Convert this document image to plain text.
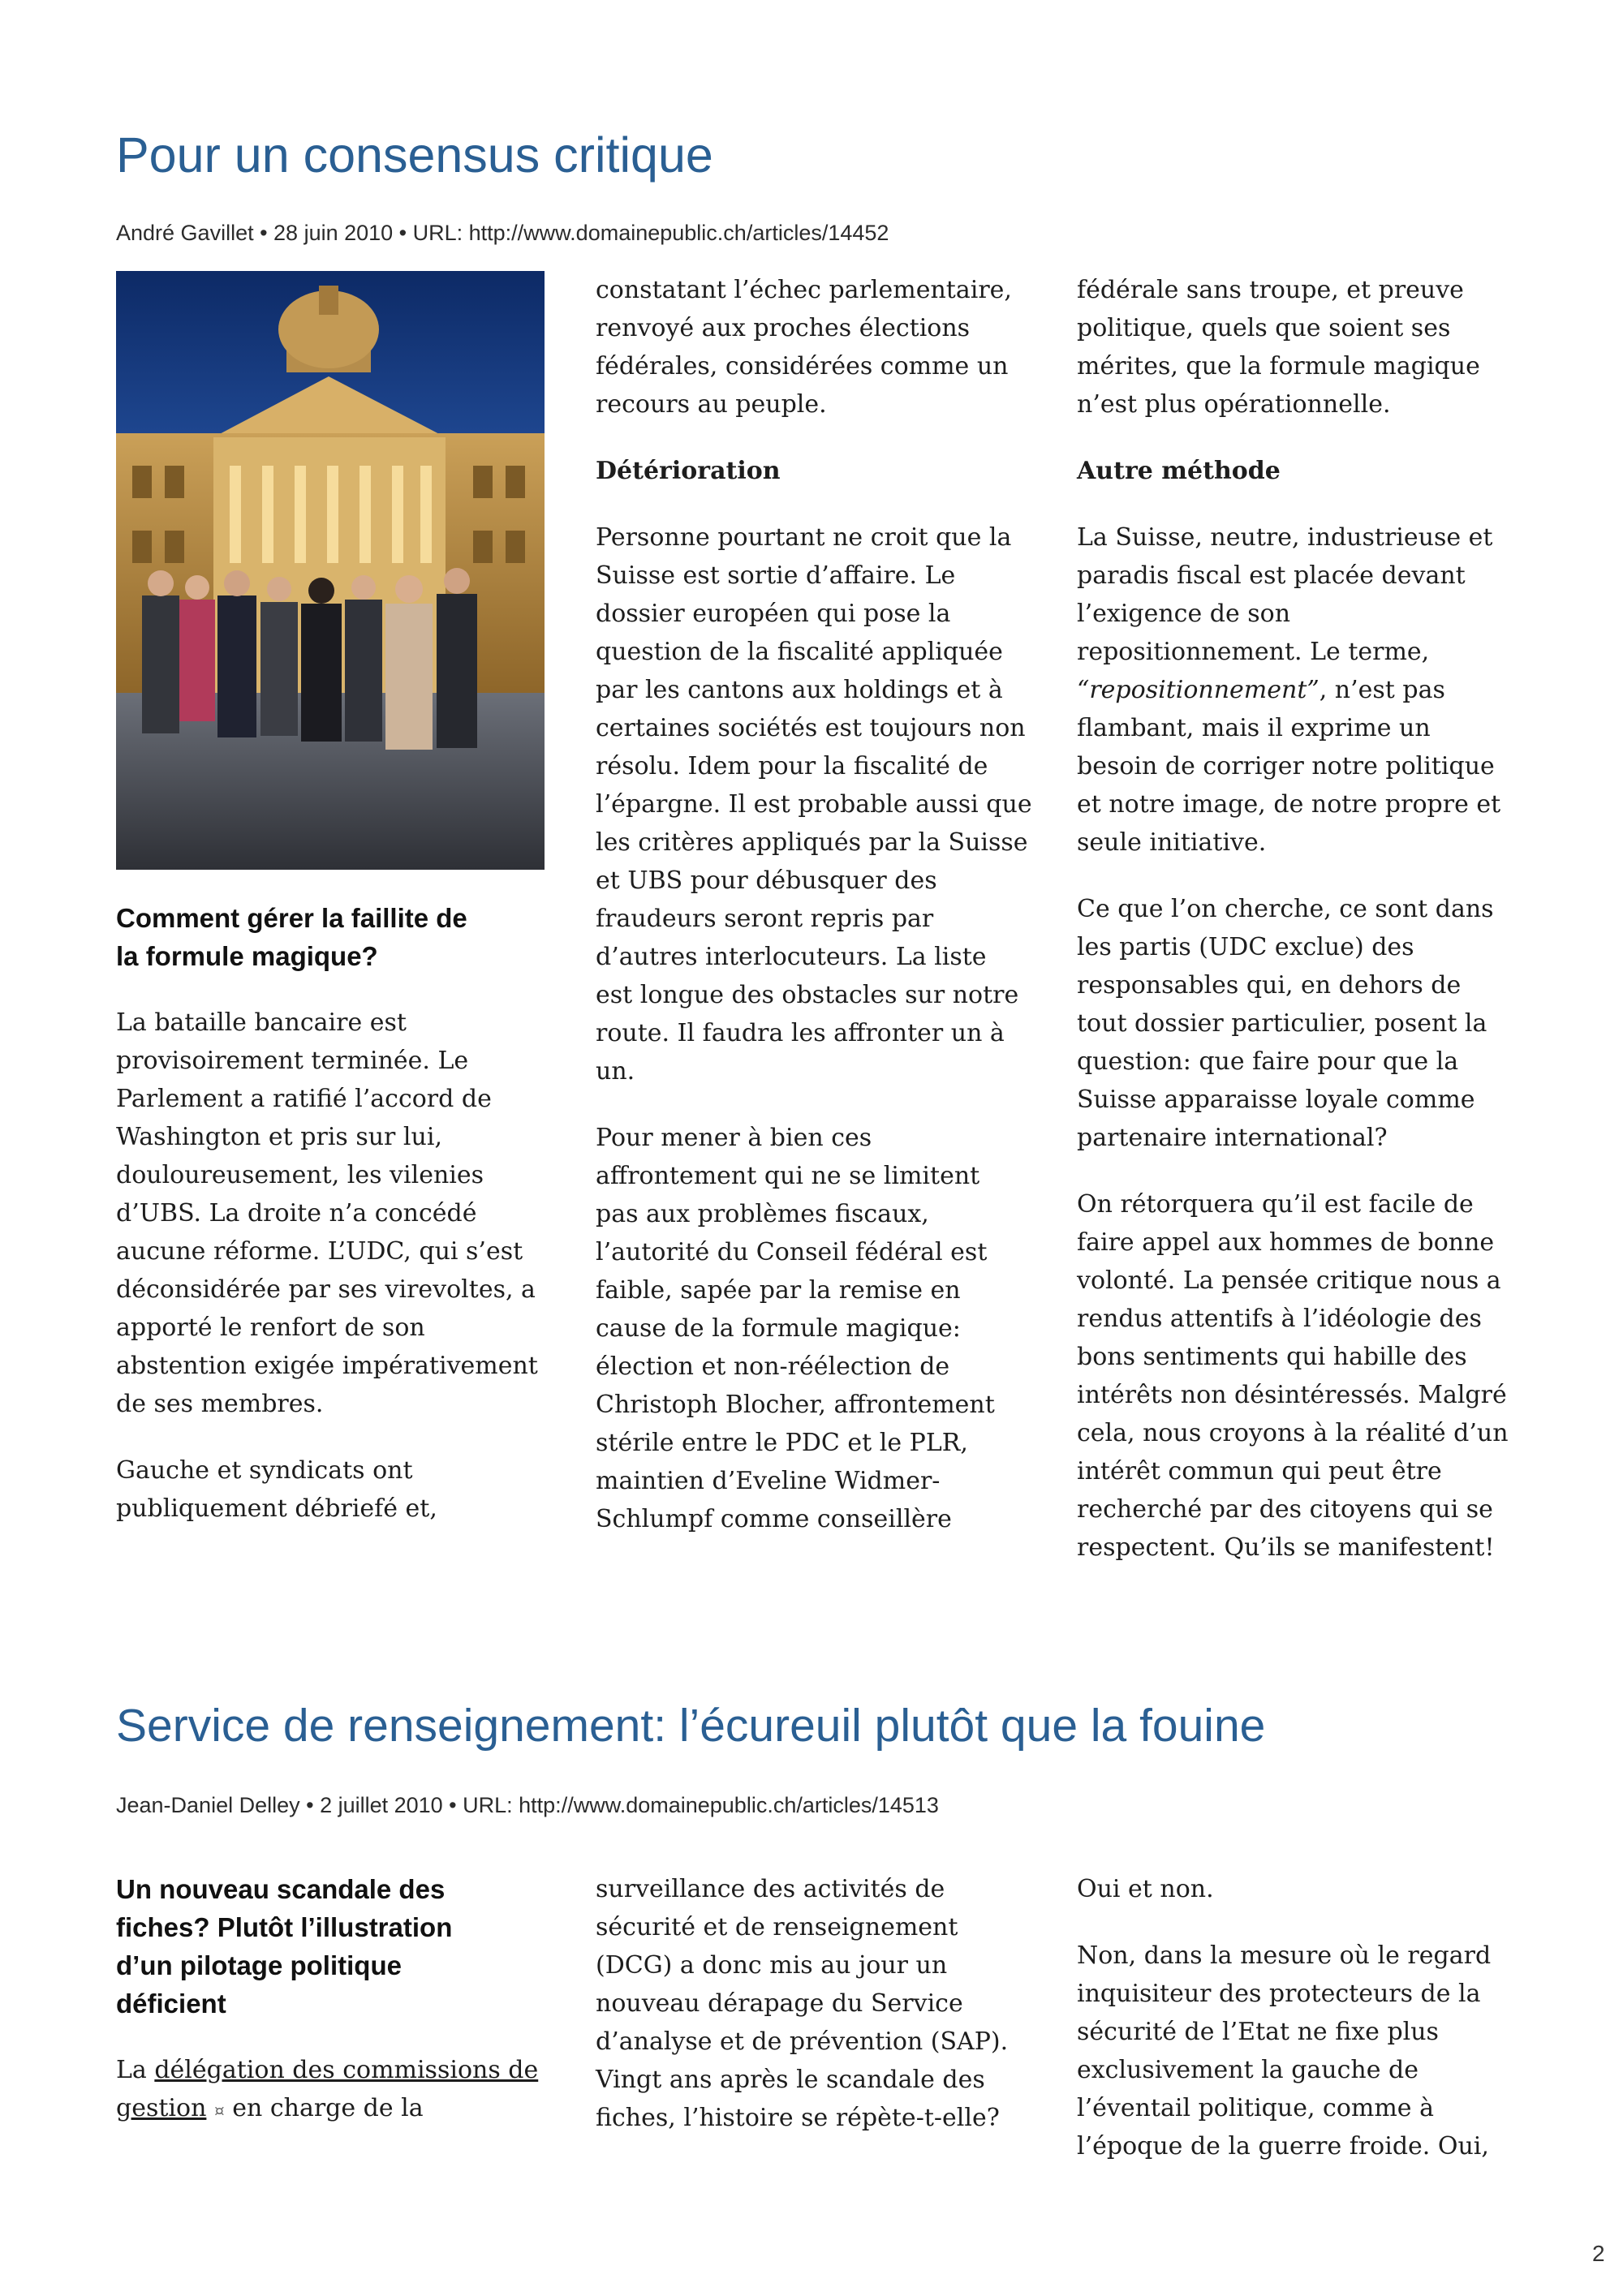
Pour un consensus critique
André Gavillet • 28 juin 2010 • URL: http://www.domainepublic.ch/articles/14452
Comment gérer la faillite de
la formule magique?

La bataille bancaire est
provisoirement terminée. Le
Parlement a ratifié l’accord de
Washington et pris sur lui,
douloureusement, les vilenies
d’UBS. La droite n’a concédé
aucune réforme. L’UDC, qui s’est
déconsidérée par ses virevoltes, a
apporté le renfort de son
abstention exigée impérativement
de ses membres.

Gauche et syndicats ont
publiquement débriefé et,

constatant l’échec parlementaire,
renvoyé aux proches élections
fédérales, considérées comme un
recours au peuple.

Détérioration

Personne pourtant ne croit que la
Suisse est sortie d’affaire. Le
dossier européen qui pose la
question de la fiscalité appliquée
par les cantons aux holdings et à
certaines sociétés est toujours non
résolu. Idem pour la fiscalité de
l’épargne. Il est probable aussi que
les critères appliqués par la Suisse
et UBS pour débusquer des
fraudeurs seront repris par
d’autres interlocuteurs. La liste
est longue des obstacles sur notre
route. Il faudra les affronter un à
un.

Pour mener à bien ces
affrontement qui ne se limitent
pas aux problèmes fiscaux,
l’autorité du Conseil fédéral est
faible, sapée par la remise en
cause de la formule magique:
élection et non-réélection de
Christoph Blocher, affrontement
stérile entre le PDC et le PLR,
maintien d’Eveline Widmer-
Schlumpf comme conseillère

fédérale sans troupe, et preuve
politique, quels que soient ses
mérites, que la formule magique
n’est plus opérationnelle.

Autre méthode

La Suisse, neutre, industrieuse et
paradis fiscal est placée devant
l’exigence de son
repositionnement. Le terme,
“repositionnement”, n’est pas
flambant, mais il exprime un
besoin de corriger notre politique
et notre image, de notre propre et
seule initiative.

Ce que l’on cherche, ce sont dans
les partis (UDC exclue) des
responsables qui, en dehors de
tout dossier particulier, posent la
question: que faire pour que la
Suisse apparaisse loyale comme
partenaire international?

On rétorquera qu’il est facile de
faire appel aux hommes de bonne
volonté. La pensée critique nous a
rendus attentifs à l’idéologie des
bons sentiments qui habille des
intérêts non désintéressés. Malgré
cela, nous croyons à la réalité d’un
intérêt commun qui peut être
recherché par des citoyens qui se
respectent. Qu’ils se manifestent!

Service de renseignement: l’écureuil plutôt que la fouine
Jean-Daniel Delley • 2 juillet 2010 • URL: http://www.domainepublic.ch/articles/14513
Un nouveau scandale des
fiches? Plutôt l’illustration
d’un pilotage politique
déficient

La délégation des commissions de
gestion ¤ en charge de la

surveillance des activités de
sécurité et de renseignement
(DCG) a donc mis au jour un
nouveau dérapage du Service
d’analyse et de prévention (SAP).
Vingt ans après le scandale des
fiches, l’histoire se répète-t-elle?

Oui et non.

Non, dans la mesure où le regard
inquisiteur des protecteurs de la
sécurité de l’Etat ne fixe plus
exclusivement la gauche de
l’éventail politique, comme à
l’époque de la guerre froide. Oui,

2
